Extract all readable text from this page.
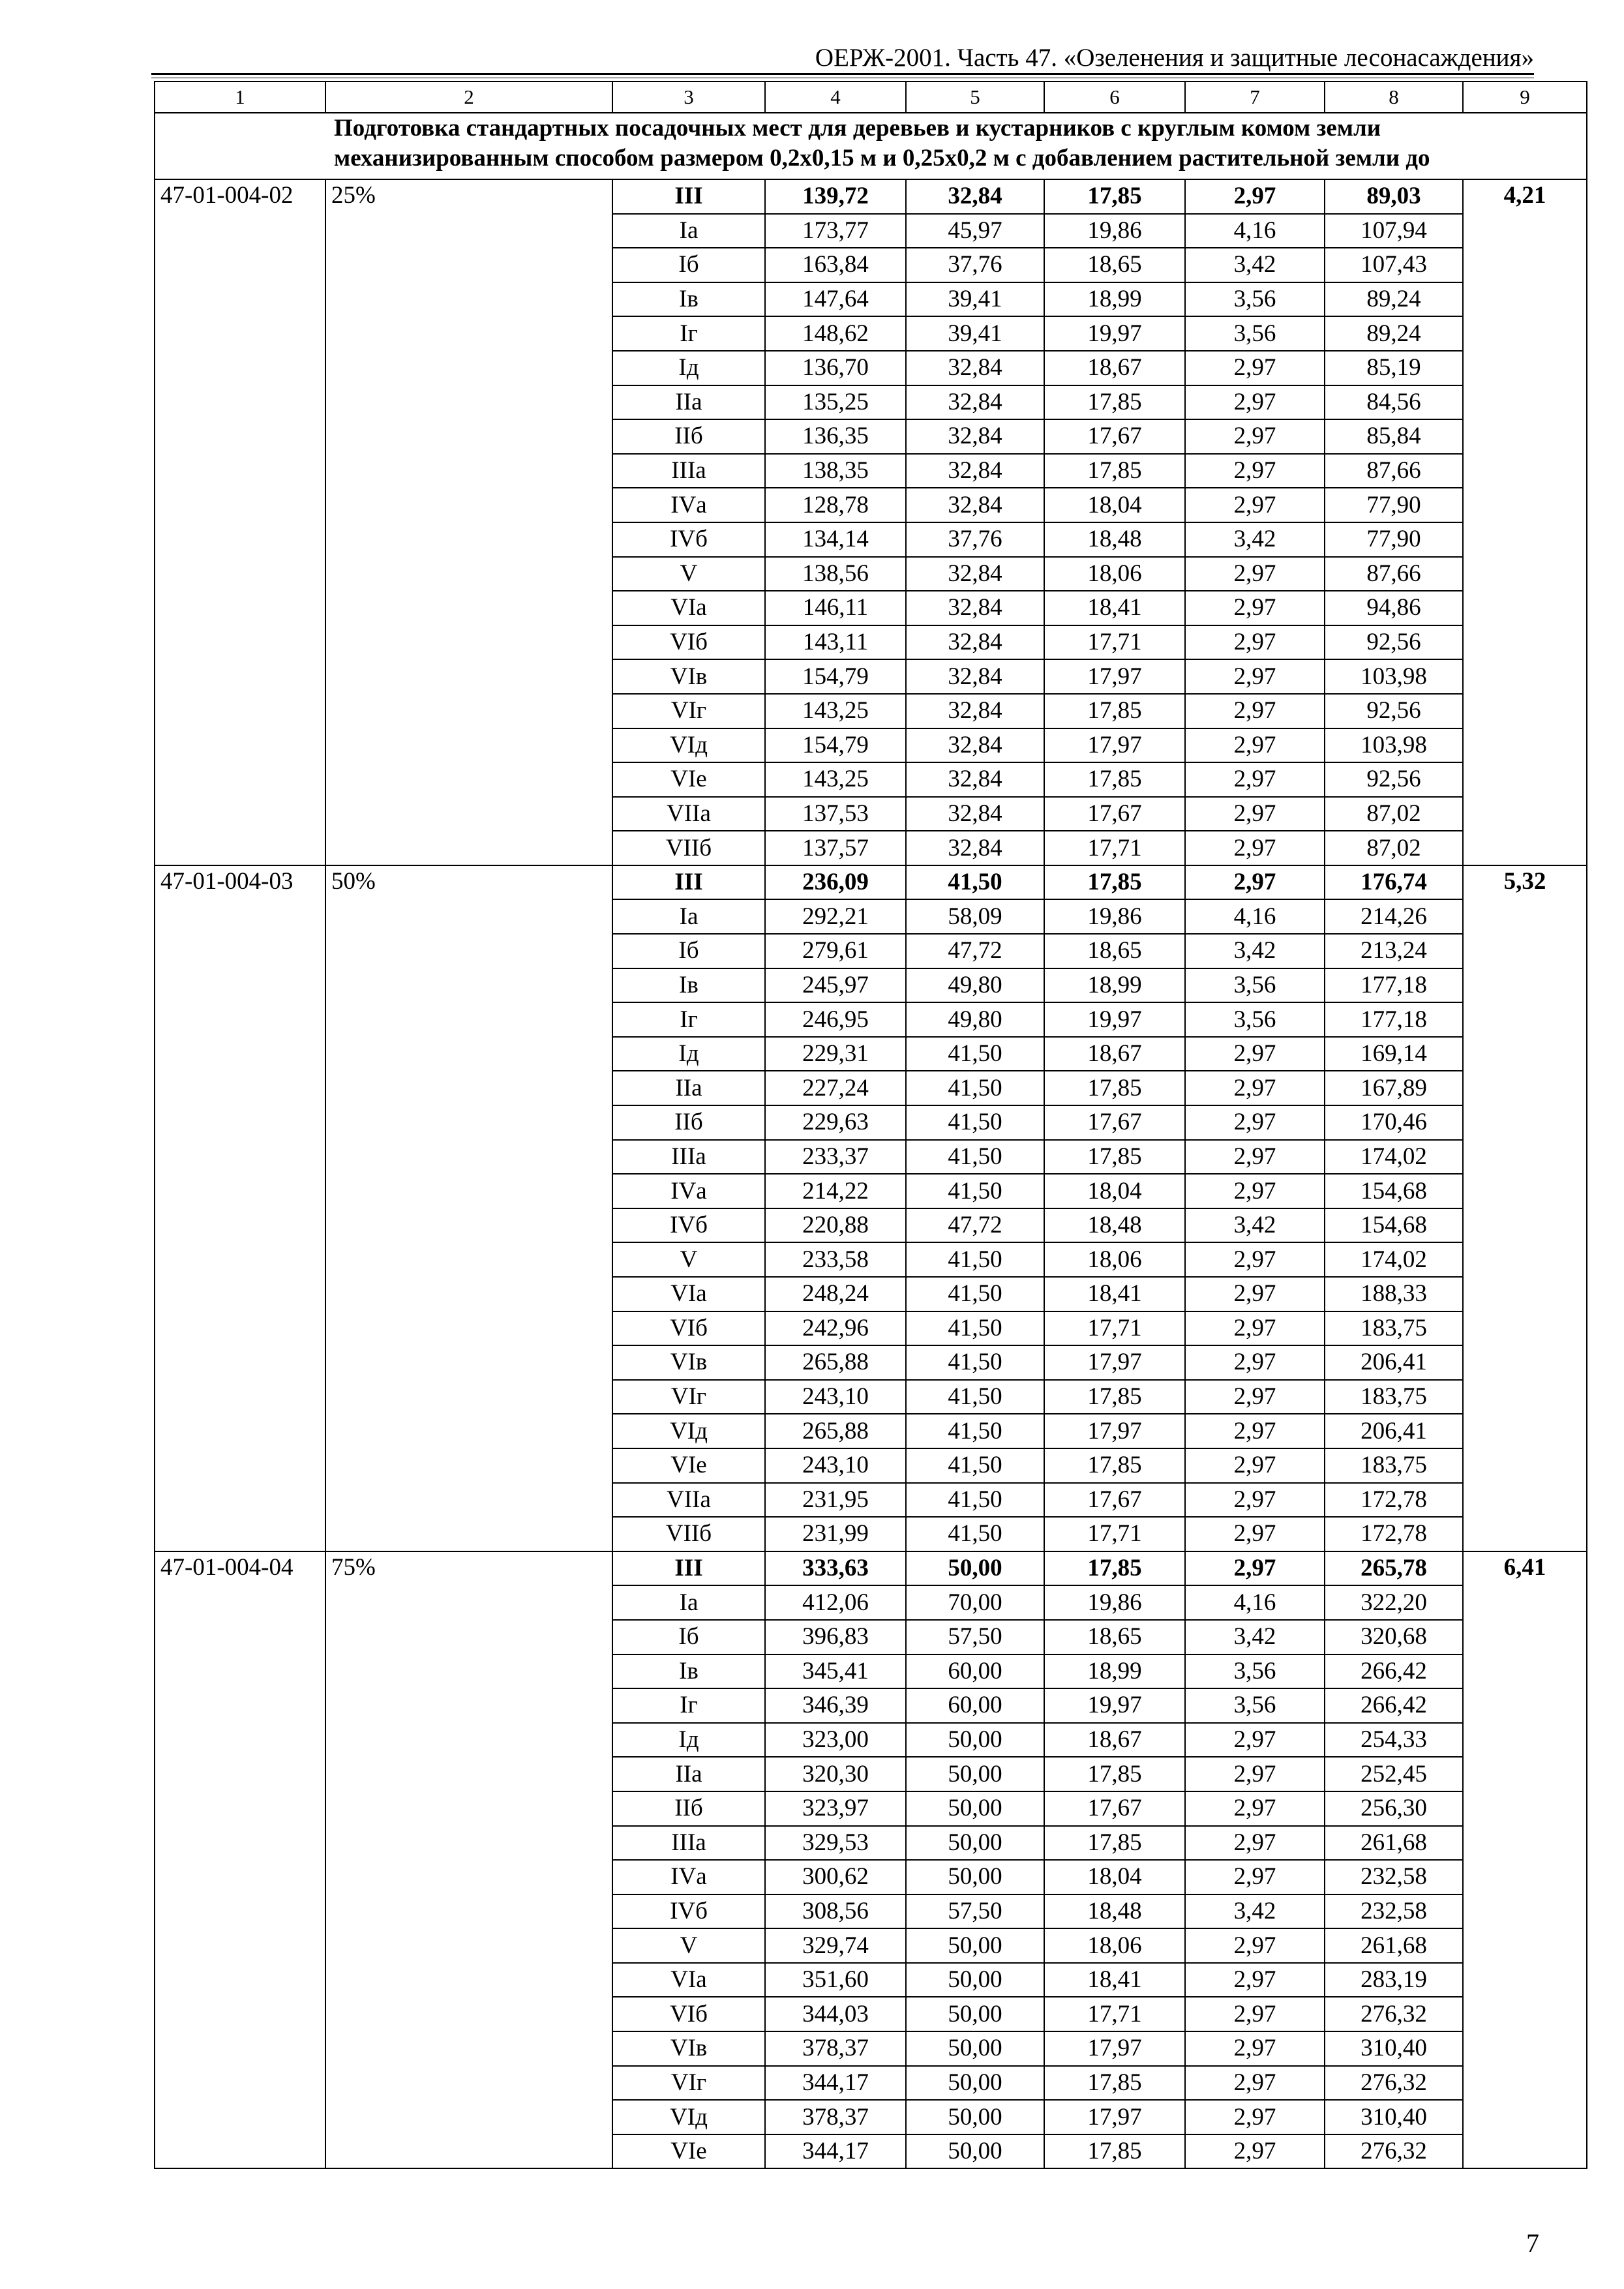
ОЕРЖ-2001. Часть 47. «Озеленения и защитные лесонасаждения»
1	2	3	4	5	6	7	8	9
Подготовка стандартных посадочных мест для деревьев и кустарников с круглым комом земли механизированным способом размером 0,2х0,15 м и 0,25х0,2 м с добавлением растительной земли до								
47-01-004-02	25%	III	139,72	32,84	17,85	2,97	89,03	4,21
		Iа	173,77	45,97	19,86	4,16	107,94	
		Iб	163,84	37,76	18,65	3,42	107,43	
		Iв	147,64	39,41	18,99	3,56	89,24	
		Iг	148,62	39,41	19,97	3,56	89,24	
		Iд	136,70	32,84	18,67	2,97	85,19	
		IIа	135,25	32,84	17,85	2,97	84,56	
		IIб	136,35	32,84	17,67	2,97	85,84	
		IIIа	138,35	32,84	17,85	2,97	87,66	
		IVа	128,78	32,84	18,04	2,97	77,90	
		IVб	134,14	37,76	18,48	3,42	77,90	
		V	138,56	32,84	18,06	2,97	87,66	
		VIа	146,11	32,84	18,41	2,97	94,86	
		VIб	143,11	32,84	17,71	2,97	92,56	
		VIв	154,79	32,84	17,97	2,97	103,98	
		VIг	143,25	32,84	17,85	2,97	92,56	
		VIд	154,79	32,84	17,97	2,97	103,98	
		VIе	143,25	32,84	17,85	2,97	92,56	
		VIIа	137,53	32,84	17,67	2,97	87,02	
		VIIб	137,57	32,84	17,71	2,97	87,02	
47-01-004-03	50%	III	236,09	41,50	17,85	2,97	176,74	5,32
		Iа	292,21	58,09	19,86	4,16	214,26	
		Iб	279,61	47,72	18,65	3,42	213,24	
		Iв	245,97	49,80	18,99	3,56	177,18	
		Iг	246,95	49,80	19,97	3,56	177,18	
		Iд	229,31	41,50	18,67	2,97	169,14	
		IIа	227,24	41,50	17,85	2,97	167,89	
		IIб	229,63	41,50	17,67	2,97	170,46	
		IIIа	233,37	41,50	17,85	2,97	174,02	
		IVа	214,22	41,50	18,04	2,97	154,68	
		IVб	220,88	47,72	18,48	3,42	154,68	
		V	233,58	41,50	18,06	2,97	174,02	
		VIа	248,24	41,50	18,41	2,97	188,33	
		VIб	242,96	41,50	17,71	2,97	183,75	
		VIв	265,88	41,50	17,97	2,97	206,41	
		VIг	243,10	41,50	17,85	2,97	183,75	
		VIд	265,88	41,50	17,97	2,97	206,41	
		VIе	243,10	41,50	17,85	2,97	183,75	
		VIIа	231,95	41,50	17,67	2,97	172,78	
		VIIб	231,99	41,50	17,71	2,97	172,78	
47-01-004-04	75%	III	333,63	50,00	17,85	2,97	265,78	6,41
		Iа	412,06	70,00	19,86	4,16	322,20	
		Iб	396,83	57,50	18,65	3,42	320,68	
		Iв	345,41	60,00	18,99	3,56	266,42	
		Iг	346,39	60,00	19,97	3,56	266,42	
		Iд	323,00	50,00	18,67	2,97	254,33	
		IIа	320,30	50,00	17,85	2,97	252,45	
		IIб	323,97	50,00	17,67	2,97	256,30	
		IIIа	329,53	50,00	17,85	2,97	261,68	
		IVа	300,62	50,00	18,04	2,97	232,58	
		IVб	308,56	57,50	18,48	3,42	232,58	
		V	329,74	50,00	18,06	2,97	261,68	
		VIа	351,60	50,00	18,41	2,97	283,19	
		VIб	344,03	50,00	17,71	2,97	276,32	
		VIв	378,37	50,00	17,97	2,97	310,40	
		VIг	344,17	50,00	17,85	2,97	276,32	
		VIд	378,37	50,00	17,97	2,97	310,40	
		VIе	344,17	50,00	17,85	2,97	276,32	
7
